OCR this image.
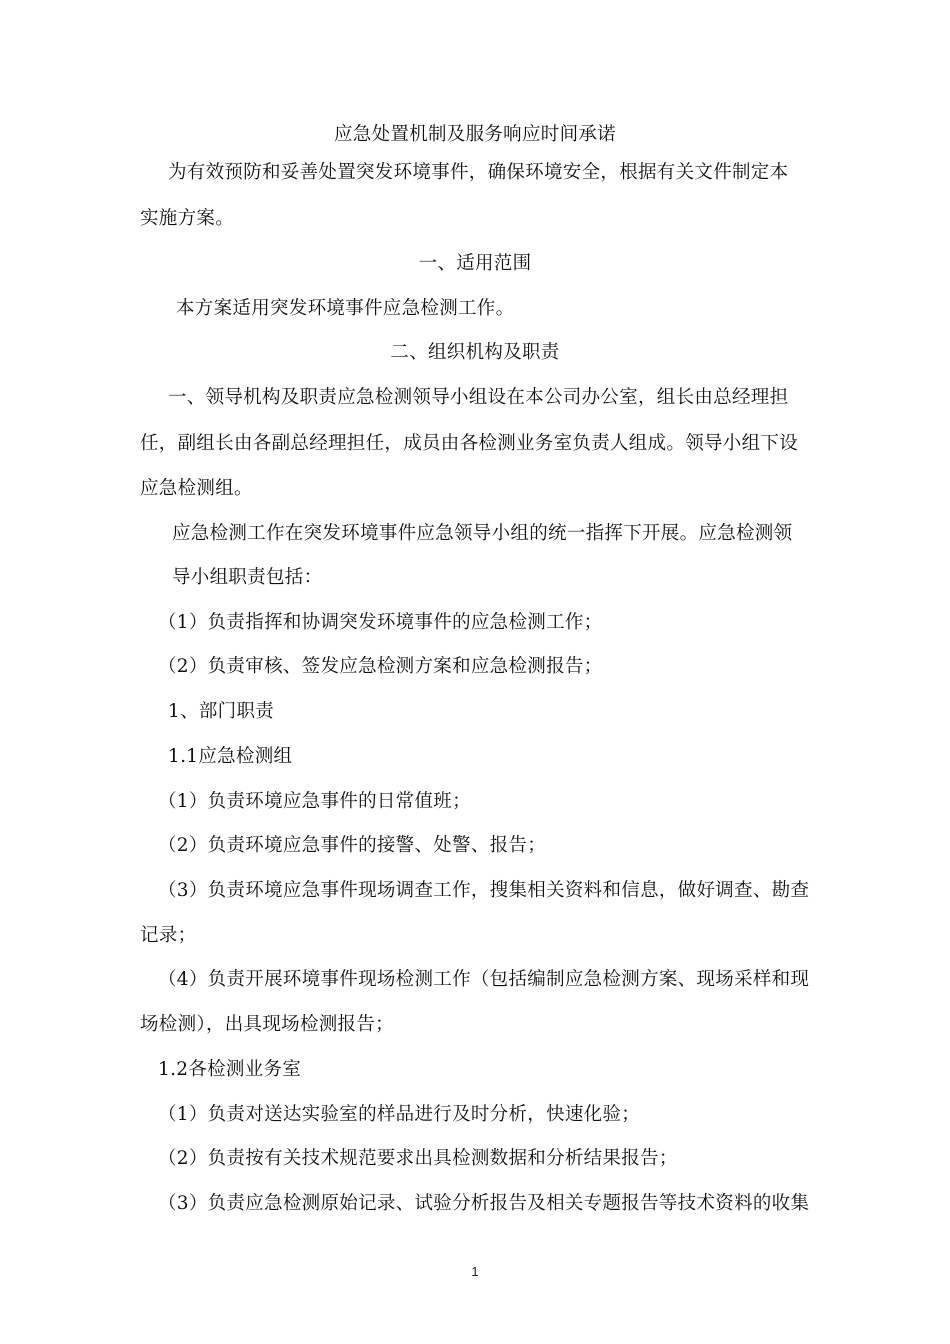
应急处置机制及服务响应时间承诺
为有效预防和妥善处置突发环境事件，确保环境安全，根据有关文件制定本
实施方案。
一、适用范围
本方案适用突发环境事件应急检测工作。
二、组织机构及职责
一、领导机构及职责应急检测领导小组设在本公司办公室，组长由总经理担
任，副组长由各副总经理担任，成员由各检测业务室负责人组成。领导小组下设
应急检测组。
应急检测工作在突发环境事件应急领导小组的统一指挥下开展。应急检测领
导小组职责包括：
（1）负责指挥和协调突发环境事件的应急检测工作；
（2）负责审核、签发应急检测方案和应急检测报告；
1、部门职责
1.1应急检测组
（1）负责环境应急事件的日常值班；
（2）负责环境应急事件的接警、处警、报告；
（3）负责环境应急事件现场调查工作，搜集相关资料和信息，做好调查、勘查
记录；
（4）负责开展环境事件现场检测工作（包括编制应急检测方案、现场采样和现
场检测），出具现场检测报告；
1.2各检测业务室
（1）负责对送达实验室的样品进行及时分析，快速化验；
（2）负责按有关技术规范要求出具检测数据和分析结果报告；
（3）负责应急检测原始记录、试验分析报告及相关专题报告等技术资料的收集
1
